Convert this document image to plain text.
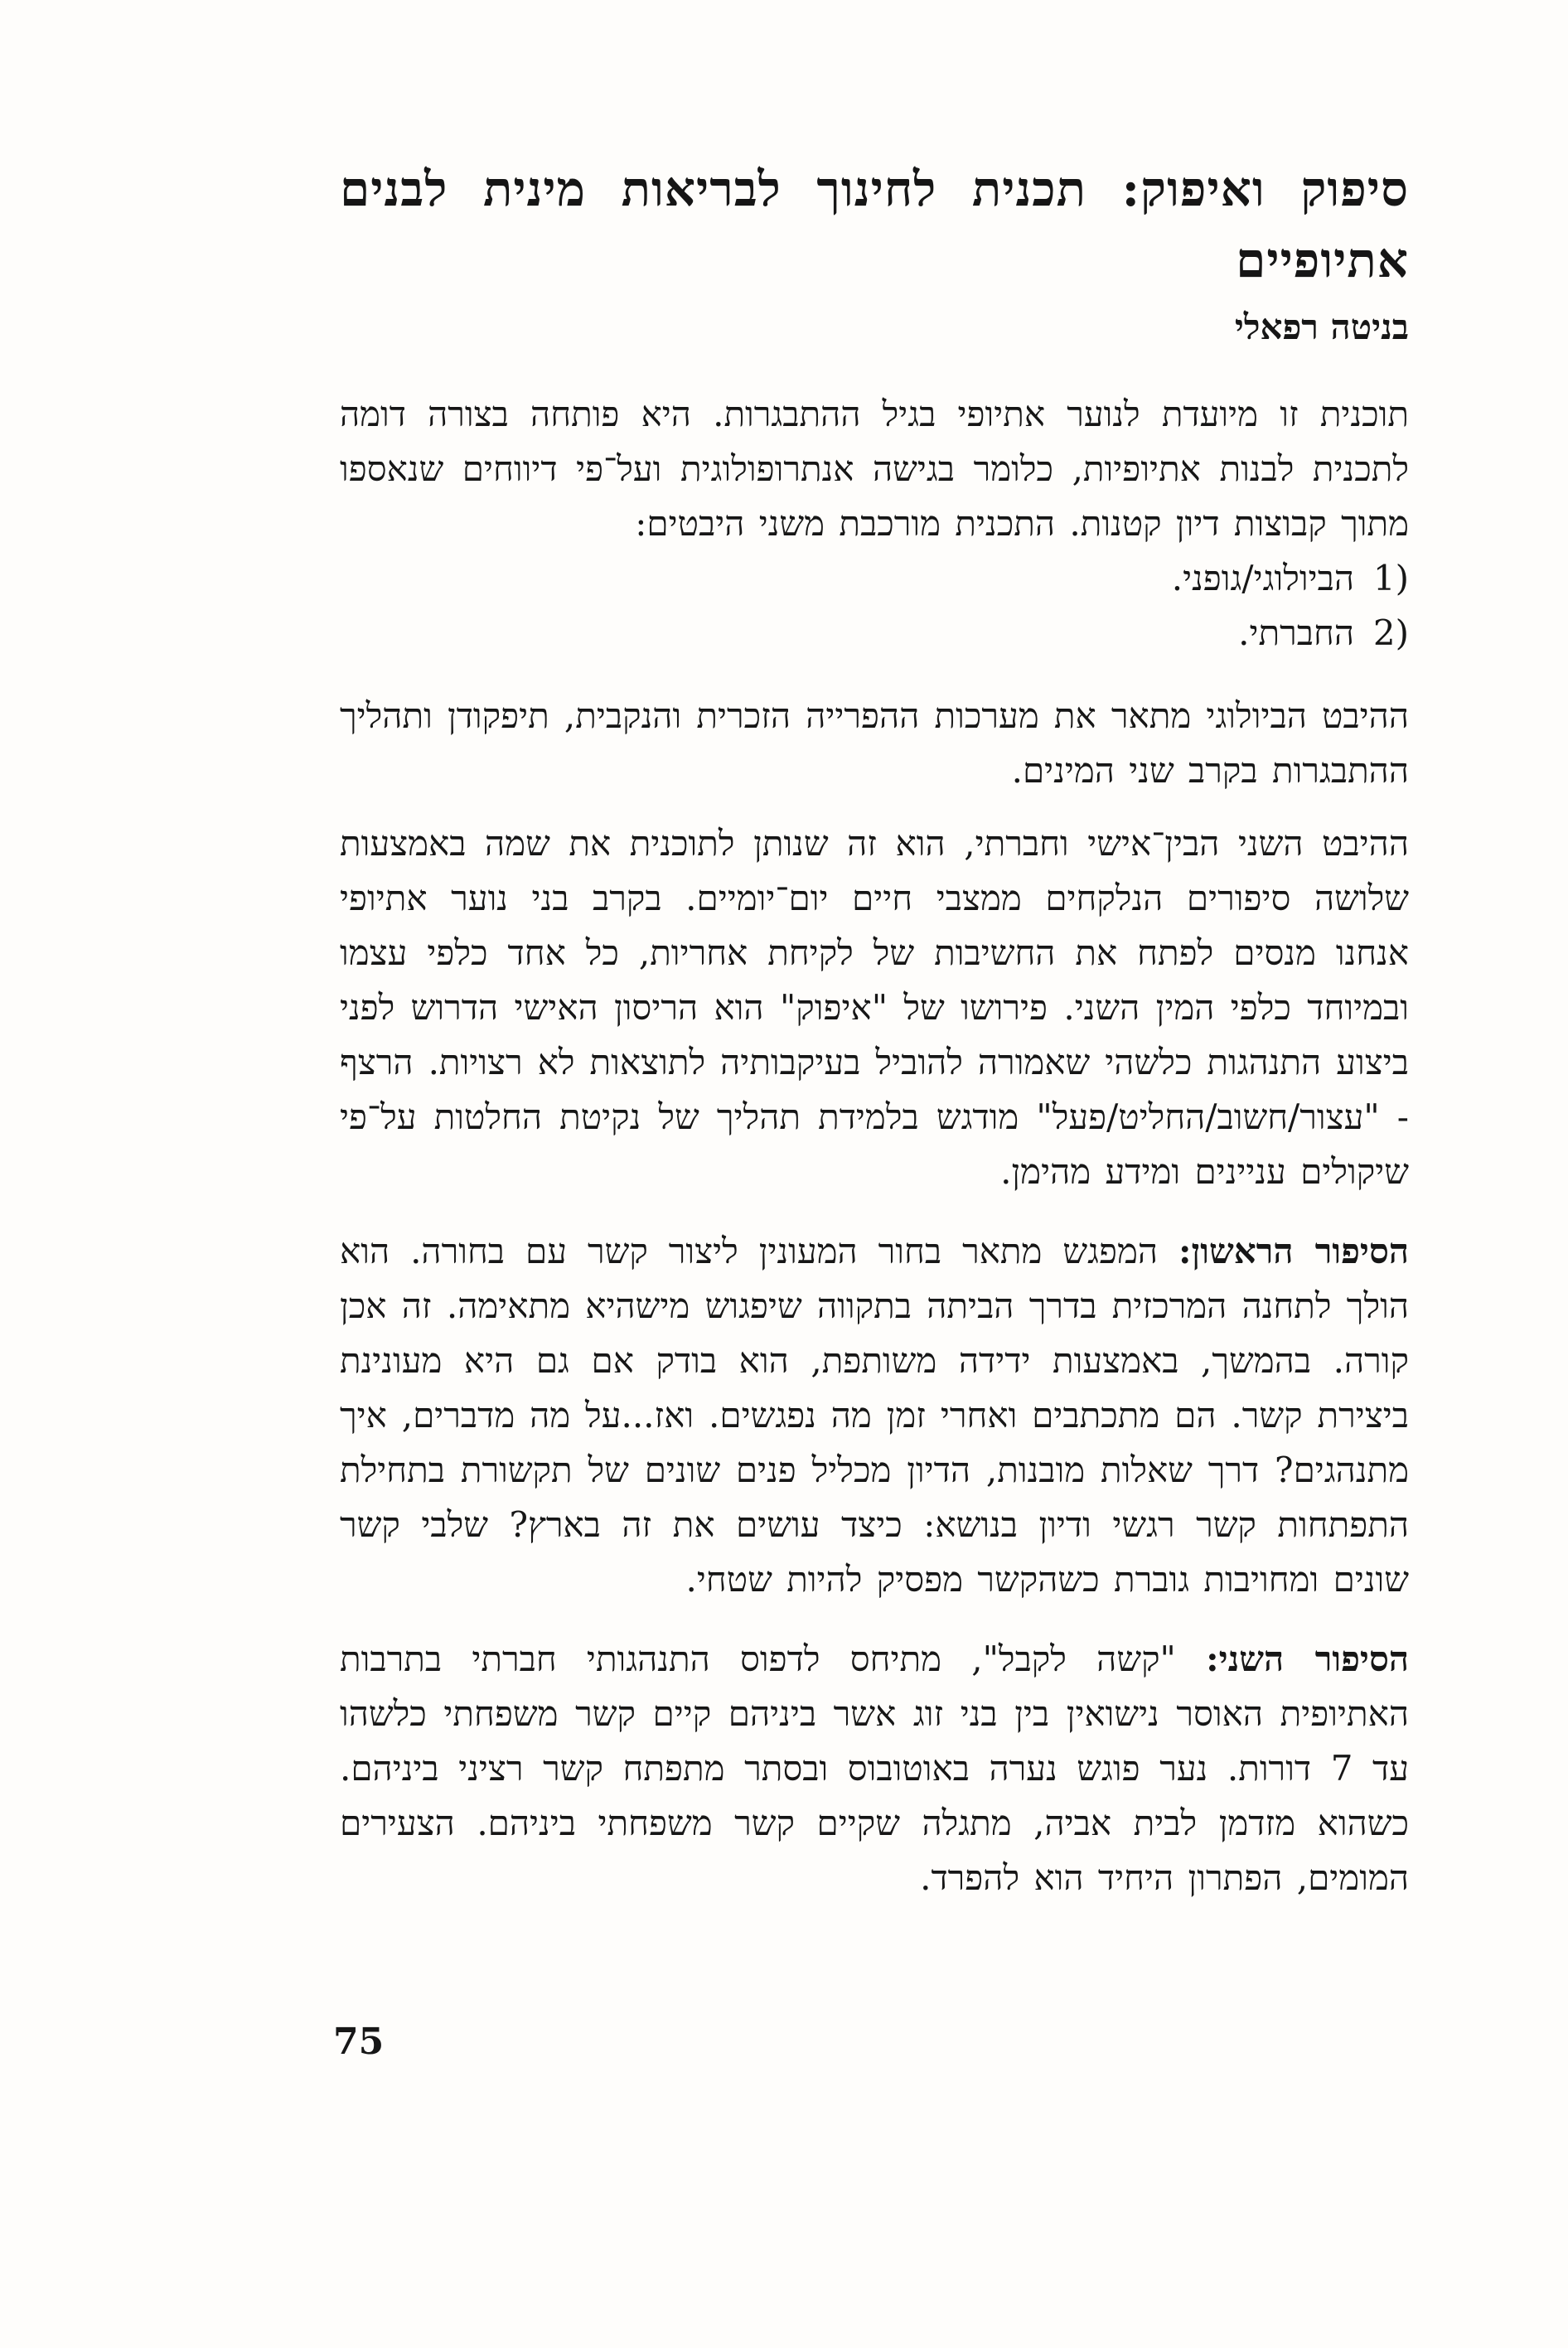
סיפוק ואיפוק: תכנית לחינוך לבריאות מינית לבנים אתיופיים
בניטה רפאלי

תוכנית זו מיועדת לנוער אתיופי בגיל ההתבגרות. היא פותחה בצורה דומה לתכנית לבנות אתיופיות, כלומר בגישה אנתרופולוגית ועל־פי דיווחים שנאספו מתוך קבוצות דיון קטנות. התכנית מורכבת משני היבטים:

1)
הביולוגי/גופני.
2)
החברתי.

ההיבט הביולוגי מתאר את מערכות ההפרייה הזכרית והנקבית, תיפקודן ותהליך ההתבגרות בקרב שני המינים.

ההיבט השני הבין־אישי וחברתי, הוא זה שנותן לתוכנית את שמה באמצעות שלושה סיפורים הנלקחים ממצבי חיים יום־יומיים. בקרב בני נוער אתיופי אנחנו מנסים לפתח את החשיבות של לקיחת אחריות, כל אחד כלפי עצמו ובמיוחד כלפי המין השני. פירושו של "איפוק" הוא הריסון האישי הדרוש לפני ביצוע התנהגות כלשהי שאמורה להוביל בעיקבותיה לתוצאות לא רצויות. הרצף - "עצור/חשוב/החליט/פעל" מודגש בלמידת תהליך של נקיטת החלטות על־פי שיקולים עניינים ומידע מהימן.

הסיפור הראשון: המפגש מתאר בחור המעונין ליצור קשר עם בחורה. הוא הולך לתחנה המרכזית בדרך הביתה בתקווה שיפגוש מישהיא מתאימה. זה אכן קורה. בהמשך, באמצעות ידידה משותפת, הוא בודק אם גם היא מעונינת ביצירת קשר. הם מתכתבים ואחרי זמן מה נפגשים. ואז...על מה מדברים, איך מתנהגים? דרך שאלות מובנות, הדיון מכליל פנים שונים של תקשורת בתחילת התפתחות קשר רגשי ודיון בנושא: כיצד עושים את זה בארץ? שלבי קשר שונים ומחויבות גוברת כשהקשר מפסיק להיות שטחי.

הסיפור השני: "קשה לקבל", מתיחס לדפוס התנהגותי חברתי בתרבות האתיופית האוסר נישואין בין בני זוג אשר ביניהם קיים קשר משפחתי כלשהו עד 7 דורות. נער פוגש נערה באוטובוס ובסתר מתפתח קשר רציני ביניהם. כשהוא מזדמן לבית אביה, מתגלה שקיים קשר משפחתי ביניהם. הצעירים המומים, הפתרון היחיד הוא להפרד.

75
